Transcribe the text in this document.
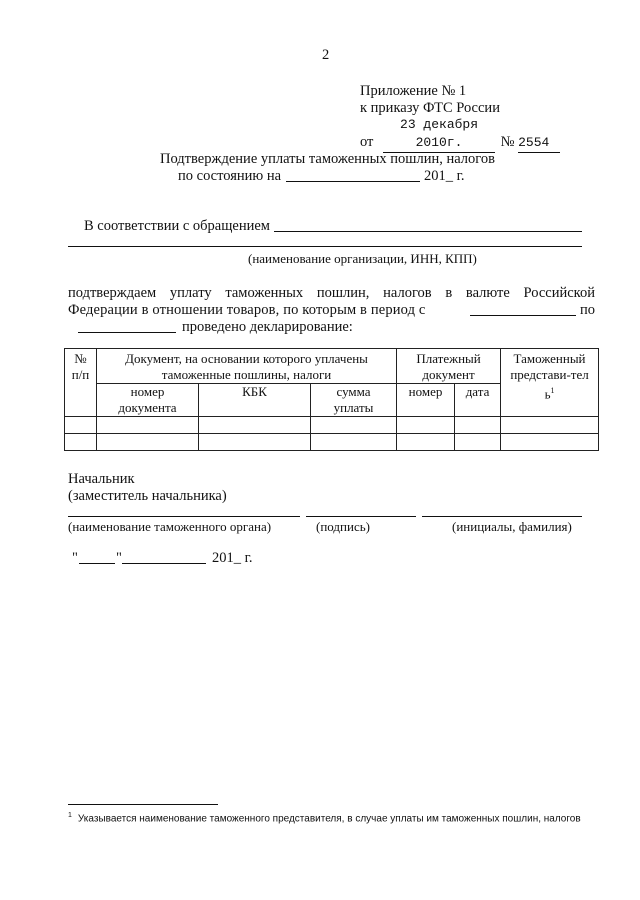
2
Приложение № 1
к приказу ФТС России
от 23 декабря 2010г.	№ 2554
Подтверждение уплаты таможенных пошлин, налогов
по состоянию на	201_ г.
В соответствии с обращением
(наименование организации, ИНН, КПП)
подтверждаем уплату таможенных пошлин, налогов в валюте Российской
Федерации в отношении товаров, по которым в период с	по
проведено декларирование:
№ п/п	Документ, на основании которого уплачены таможенные пошлины, налоги			Платежный документ		Таможенный представи-тель$^1$

	номер документа	КБК	сумма уплаты	номер	дата	

Начальник
(заместитель начальника)
(наименование таможенного органа)	(подпись)	(инициалы, фамилия)
"	"	201_ г.
$^1$ Указывается наименование таможенного представителя, в случае уплаты им таможенных пошлин, налогов
